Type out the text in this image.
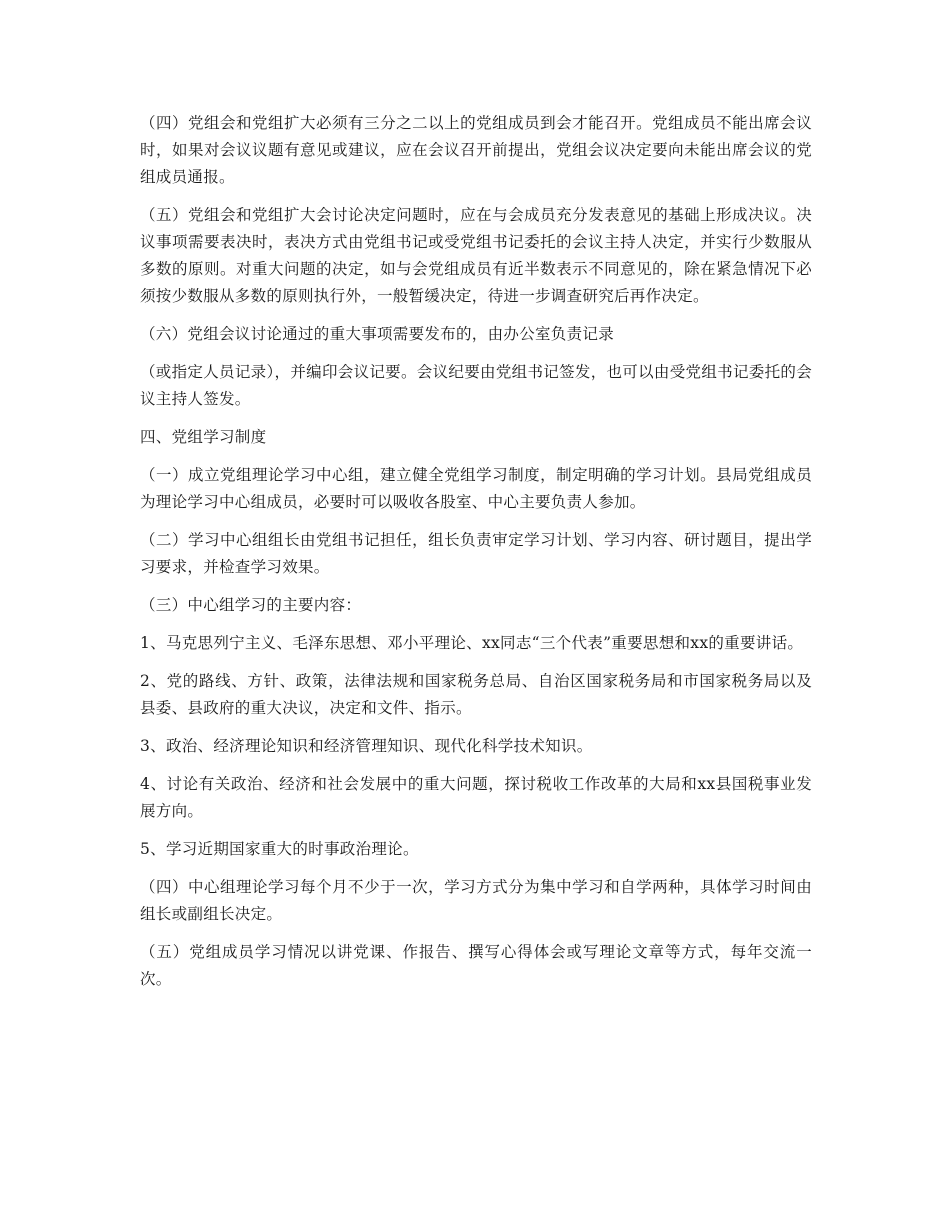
（四）党组会和党组扩大必须有三分之二以上的党组成员到会才能召开。党组成员不能出席会议时，如果对会议议题有意见或建议，应在会议召开前提出，党组会议决定要向未能出席会议的党组成员通报。

（五）党组会和党组扩大会讨论决定问题时，应在与会成员充分发表意见的基础上形成决议。决议事项需要表决时，表决方式由党组书记或受党组书记委托的会议主持人决定，并实行少数服从多数的原则。对重大问题的决定，如与会党组成员有近半数表示不同意见的，除在紧急情况下必须按少数服从多数的原则执行外，一般暂缓决定，待进一步调查研究后再作决定。

（六）党组会议讨论通过的重大事项需要发布的，由办公室负责记录

（或指定人员记录），并编印会议记要。会议纪要由党组书记签发，也可以由受党组书记委托的会议主持人签发。

四、党组学习制度

（一）成立党组理论学习中心组，建立健全党组学习制度，制定明确的学习计划。县局党组成员为理论学习中心组成员，必要时可以吸收各股室、中心主要负责人参加。

（二）学习中心组组长由党组书记担任，组长负责审定学习计划、学习内容、研讨题目，提出学习要求，并检查学习效果。

（三）中心组学习的主要内容：

1、马克思列宁主义、毛泽东思想、邓小平理论、xx同志“三个代表”重要思想和xx的重要讲话。

2、党的路线、方针、政策，法律法规和国家税务总局、自治区国家税务局和市国家税务局以及县委、县政府的重大决议，决定和文件、指示。

3、政治、经济理论知识和经济管理知识、现代化科学技术知识。

4、讨论有关政治、经济和社会发展中的重大问题，探讨税收工作改革的大局和xx县国税事业发展方向。

5、学习近期国家重大的时事政治理论。

（四）中心组理论学习每个月不少于一次，学习方式分为集中学习和自学两种，具体学习时间由组长或副组长决定。

（五）党组成员学习情况以讲党课、作报告、撰写心得体会或写理论文章等方式，每年交流一次。
